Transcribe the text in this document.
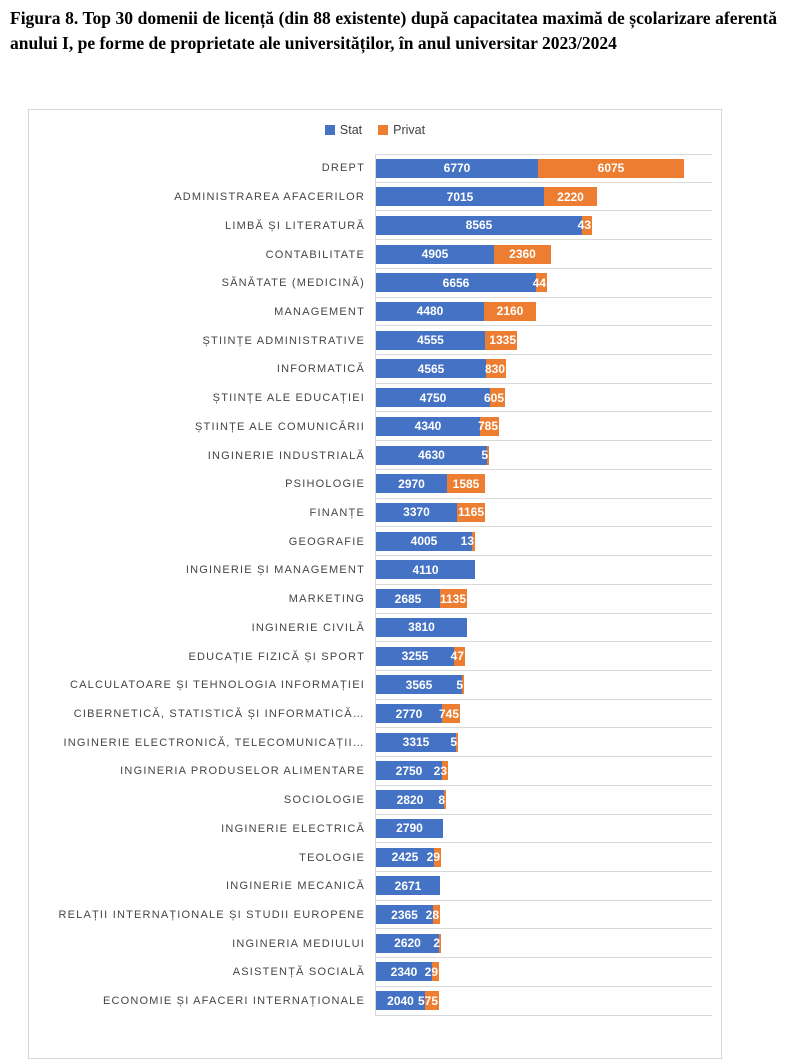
Figura 8. Top 30 domenii de licență (din 88 existente) după capacitatea maximă de școlarizare aferentă anului I, pe forme de proprietate ale universităților, în anul universitar 2023/2024
Stat Privat
DREPT	6770	6075
ADMINISTRAREA AFACERILOR	7015	2220
LIMBĂ ȘI LITERATURĂ	8565	43
CONTABILITATE	4905	2360
SĂNĂTATE (MEDICINĂ)	6656	44
MANAGEMENT	4480	2160
ȘTIINȚE ADMINISTRATIVE	4555	1335
INFORMATICĂ	4565	830
ȘTIINȚE ALE EDUCAȚIEI	4750	605
ȘTIINȚE ALE COMUNICĂRII	4340	785
INGINERIE INDUSTRIALĂ	4630	5
PSIHOLOGIE	2970 1585
FINANȚE	3370 1165
GEOGRAFIE	4005 13
INGINERIE ȘI MANAGEMENT	4110
MARKETING	2685 1135
INGINERIE CIVILĂ	3810
EDUCAȚIE FIZICĂ ȘI SPORT	3255 47
CALCULATOARE ȘI TEHNOLOGIA INFORMAȚIEI	3565 5
CIBERNETICĂ, STATISTICĂ ȘI INFORMATICĂ…	2770 745
INGINERIE ELECTRONICĂ, TELECOMUNICAȚII…	3315 5
INGINERIA PRODUSELOR ALIMENTARE	2750 23
SOCIOLOGIE	2820 8
INGINERIE ELECTRICĂ	2790
TEOLOGIE	2425 29
INGINERIE MECANICĂ	2671
RELAȚII INTERNAȚIONALE ȘI STUDII EUROPENE	2365 28
INGINERIA MEDIULUI	2620 2
ASISTENȚĂ SOCIALĂ	2340 29
ECONOMIE ȘI AFACERI INTERNAȚIONALE	2040 575
